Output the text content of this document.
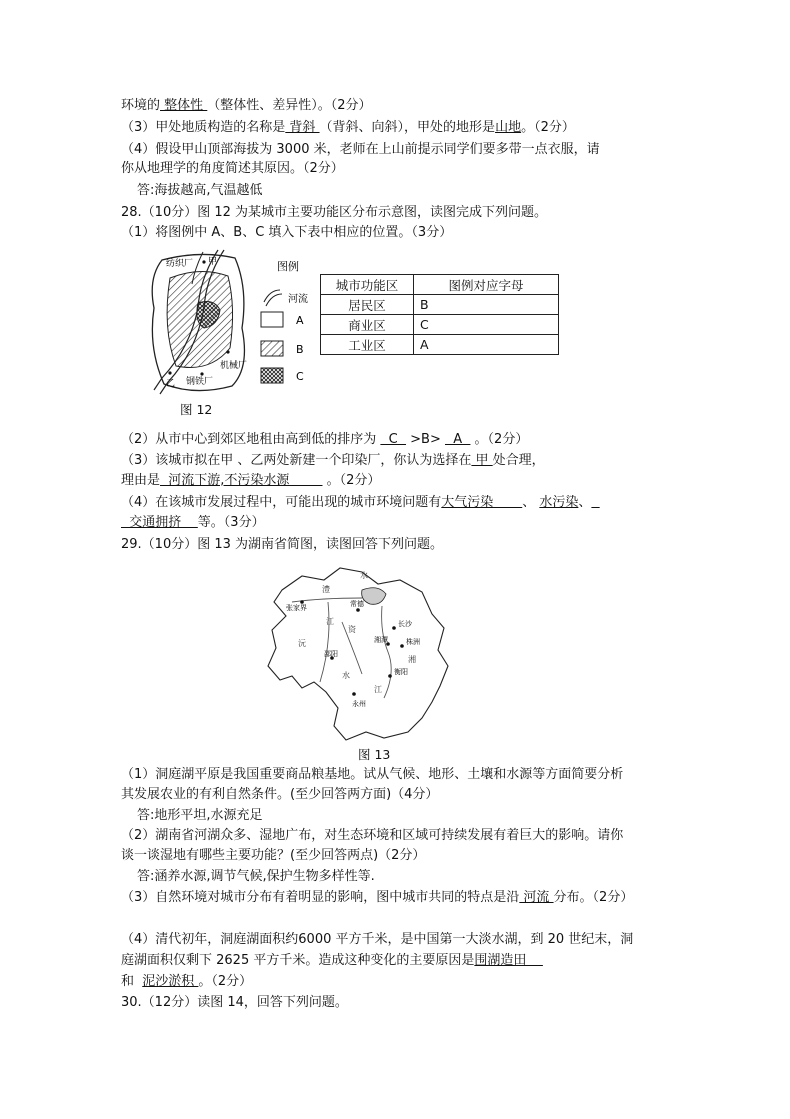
环境的 整体性 （整体性、差异性）。（2分）
（3）甲处地质构造的名称是 背斜 （背斜、向斜），甲处的地形是山地。（2分）
（4）假设甲山顶部海拔为 3000 米，老师在上山前提示同学们要多带一点衣服，请
你从地理学的角度简述其原因。（2分）
答:海拔越高,气温越低
28.（10分）图 12 为某城市主要功能区分布示意图，读图完成下列问题。
（1）将图例中 A、B、C 填入下表中相应的位置。（3分）
纺织厂 甲
机械厂
乙 钢铁厂
图 12
图例
河流
A
B
C
城市功能区	图例对应字母
居民区	B
商业区	C
工业区	A
（2）从市中心到郊区地租由高到低的排序为   C   >B>   A   。（2分）
（3）该城市拟在甲 、乙两处新建一个印染厂，你认为选择在 甲 处合理，
理由是  河流下游,不污染水源         。（2分）
（4）在该城市发展过程中，可能出现的城市环境问题有大气污染       、 水污染、
交通拥挤    等。（3分）
29.（10分）图 13 为湖南省简图，读图回答下列问题。
张家界	常德
长沙
湘潭	株洲
邵阳
衡阳
永州
澧
江
沅
资
水
湘
江
水
图 13
（1）洞庭湖平原是我国重要商品粮基地。试从气候、地形、土壤和水源等方面简要分析
其发展农业的有利自然条件。(至少回答两方面)（4分）
答:地形平坦,水源充足
（2）湖南省河湖众多、湿地广布，对生态环境和区域可持续发展有着巨大的影响。请你
谈一谈湿地有哪些主要功能？(至少回答两点)（2分）
答:涵养水源,调节气候,保护生物多样性等.
（3）自然环境对城市分布有着明显的影响，图中城市共同的特点是沿 河流 分布。（2分）
（4）清代初年，洞庭湖面积约6000 平方千米，是中国第一大淡水湖，到 20 世纪末，洞
庭湖面积仅剩下 2625 平方千米。造成这种变化的主要原因是围湖造田
和  泥沙淤积 。（2分）
30.（12分）读图 14，回答下列问题。
